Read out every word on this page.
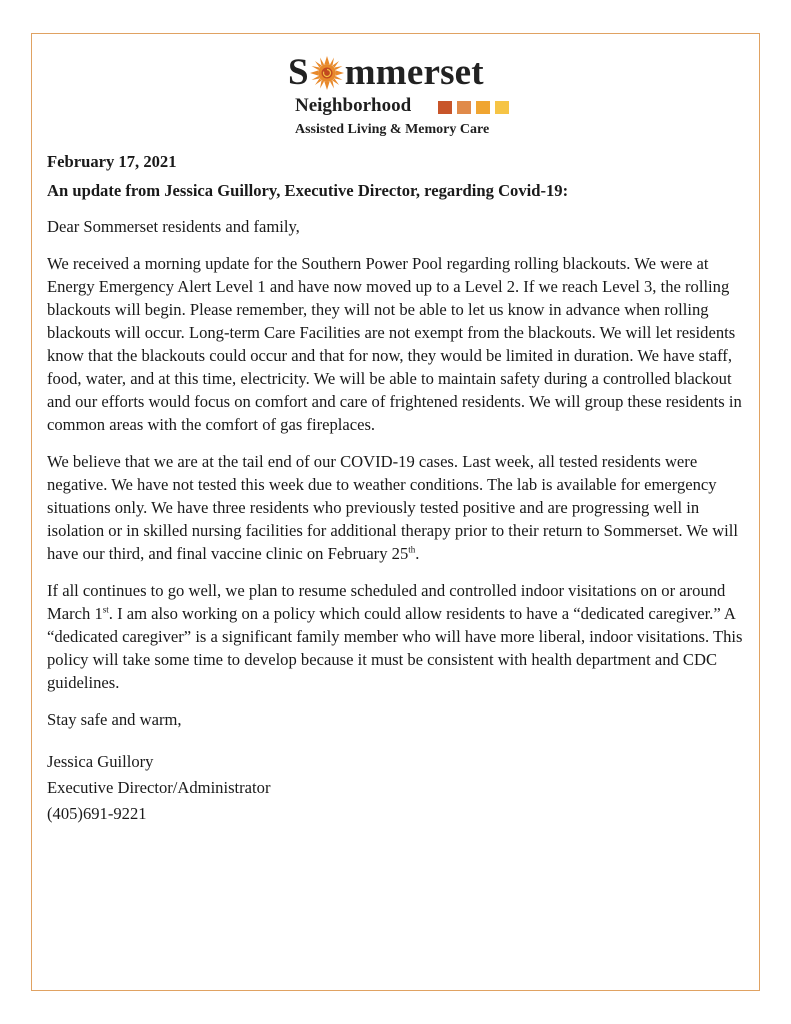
S mmerset
Neighborhood
Assisted Living & Memory Care

February 17, 2021

An update from Jessica Guillory, Executive Director, regarding Covid-19:

Dear Sommerset residents and family,

We received a morning update for the Southern Power Pool regarding rolling blackouts. We were at Energy Emergency Alert Level 1 and have now moved up to a Level 2. If we reach Level 3, the rolling blackouts will begin. Please remember, they will not be able to let us know in advance when rolling blackouts will occur. Long-term Care Facilities are not exempt from the blackouts. We will let residents know that the blackouts could occur and that for now, they would be limited in duration. We have staff, food, water, and at this time, electricity. We will be able to maintain safety during a controlled blackout and our efforts would focus on comfort and care of frightened residents. We will group these residents in common areas with the comfort of gas fireplaces.

We believe that we are at the tail end of our COVID-19 cases. Last week, all tested residents were negative. We have not tested this week due to weather conditions. The lab is available for emergency situations only. We have three residents who previously tested positive and are progressing well in isolation or in skilled nursing facilities for additional therapy prior to their return to Sommerset. We will have our third, and final vaccine clinic on February 25th.

If all continues to go well, we plan to resume scheduled and controlled indoor visitations on or around March 1st. I am also working on a policy which could allow residents to have a “dedicated caregiver.” A “dedicated caregiver” is a significant family member who will have more liberal, indoor visitations. This policy will take some time to develop because it must be consistent with health department and CDC guidelines.

Stay safe and warm,

Jessica Guillory

Executive Director/Administrator

(405)691-9221
